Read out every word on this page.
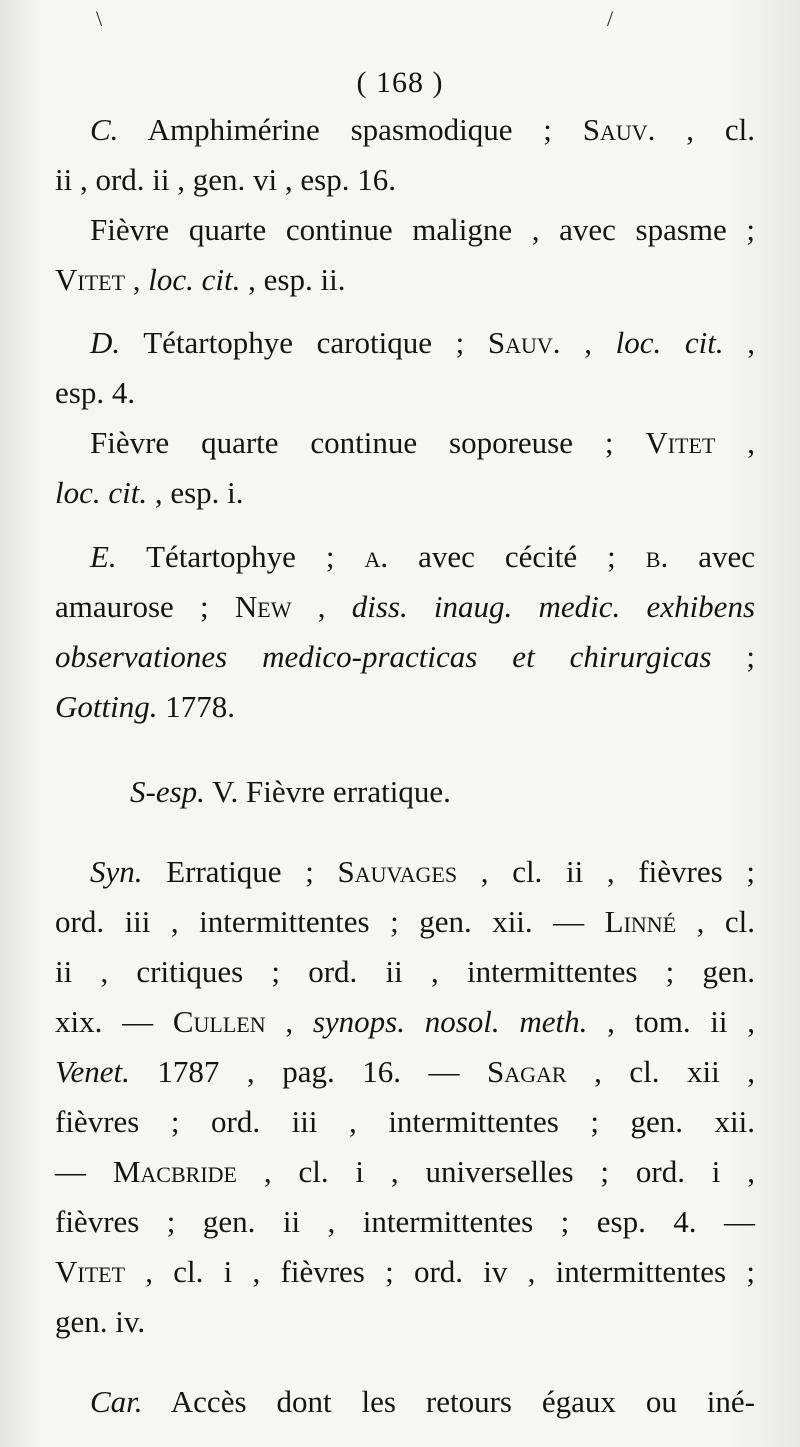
\	/
( 168 )
C. Amphimérine spasmodique ; Sauv. , cl.
ii , ord. ii , gen. vi , esp. 16.
Fièvre quarte continue maligne , avec spasme ;
Vitet , loc. cit. , esp. ii.
D. Tétartophye carotique ; Sauv. , loc. cit. ,
esp. 4.
Fièvre quarte continue soporeuse ; Vitet ,
loc. cit. , esp. i.
E. Tétartophye ; a. avec cécité ; b. avec
amaurose ; New , diss. inaug. medic. exhibens
observationes medico-practicas et chirurgicas ;
Gotting. 1778.
S-esp. V. Fièvre erratique.
Syn. Erratique ; Sauvages , cl. ii , fièvres ;
ord. iii , intermittentes ; gen. xii. — Linné , cl.
ii , critiques ; ord. ii , intermittentes ; gen.
xix. — Cullen , synops. nosol. meth. , tom. ii ,
Venet. 1787 , pag. 16. — Sagar , cl. xii ,
fièvres ; ord. iii , intermittentes ; gen. xii.
— Macbride , cl. i , universelles ; ord. i ,
fièvres ; gen. ii , intermittentes ; esp. 4. —
Vitet , cl. i , fièvres ; ord. iv , intermittentes ;
gen. iv.
Car. Accès dont les retours égaux ou iné-
